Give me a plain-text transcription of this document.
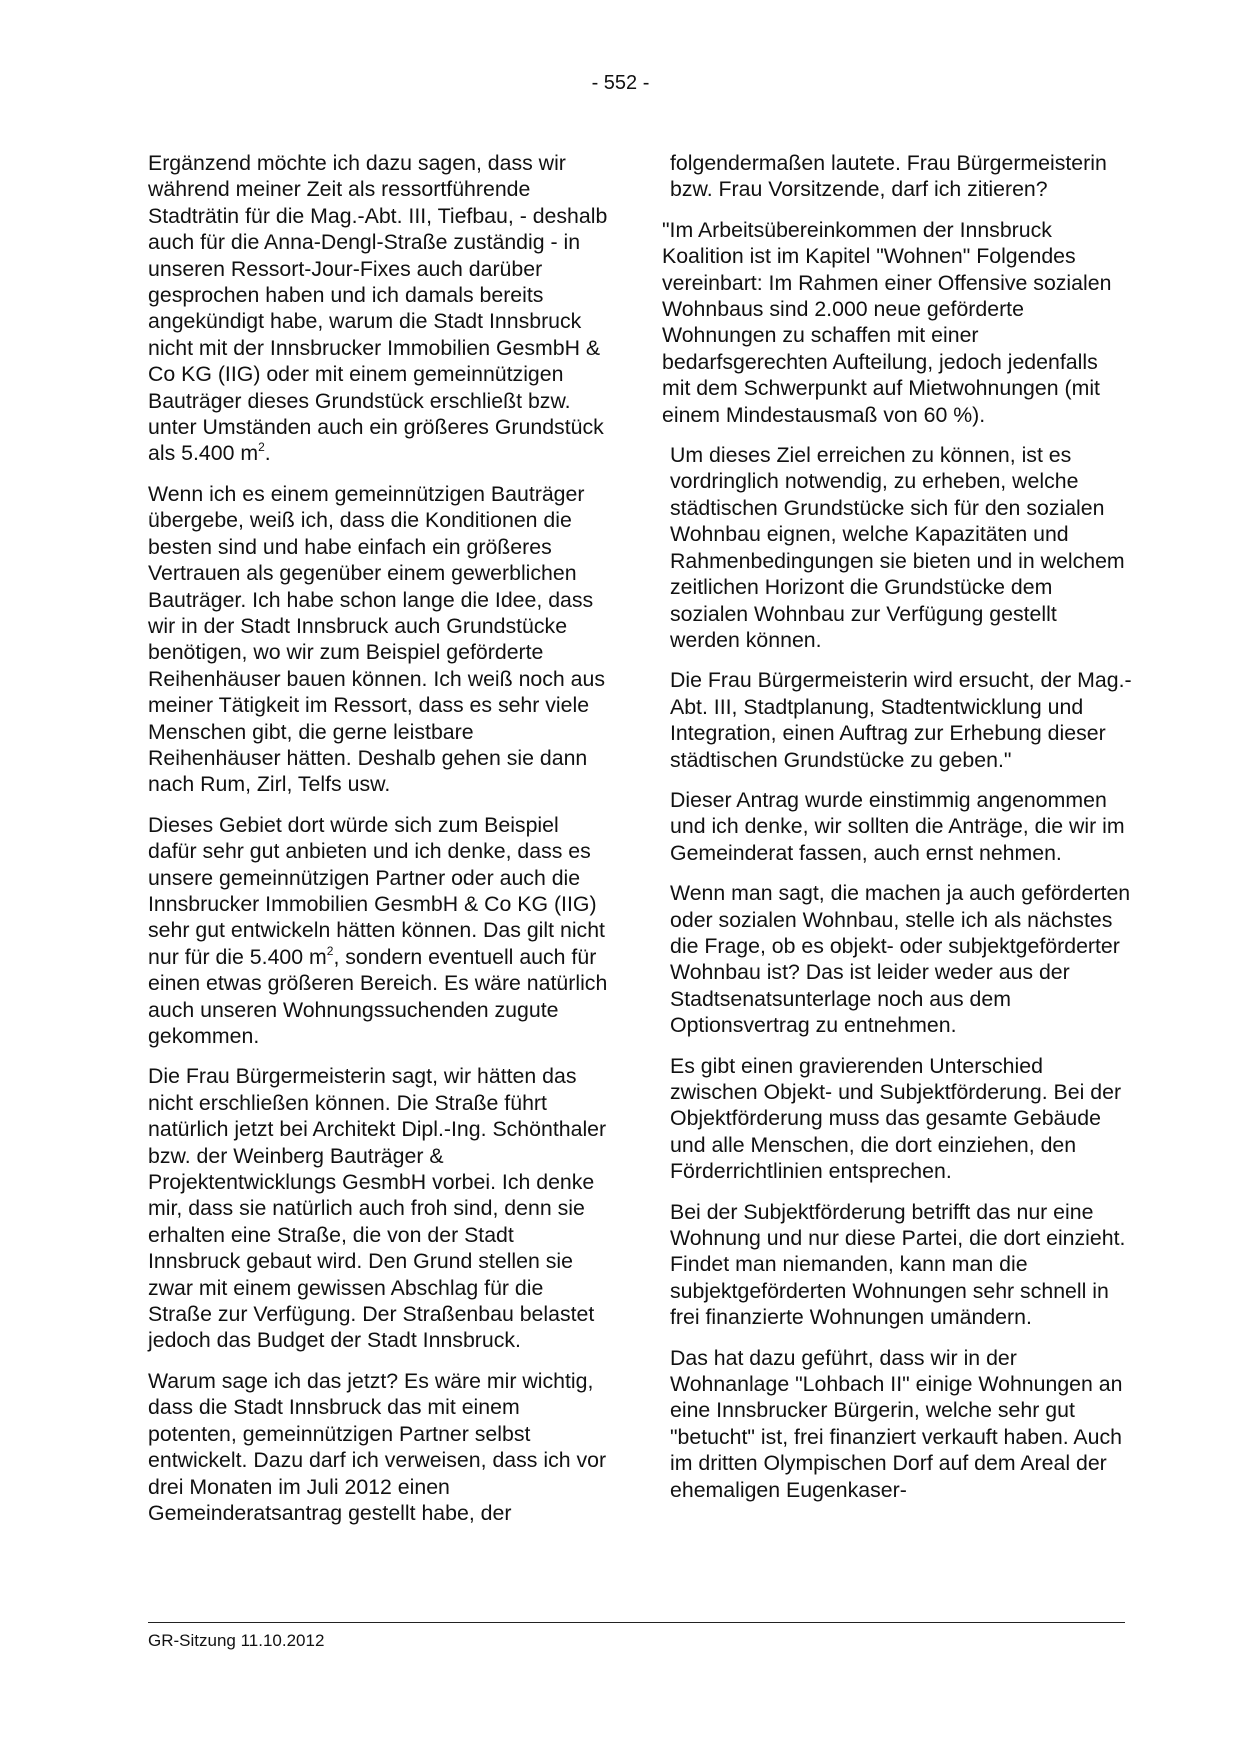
- 552 -

Ergänzend möchte ich dazu sagen, dass wir während meiner Zeit als ressortführende Stadträtin für die Mag.-Abt. III, Tiefbau, - deshalb auch für die Anna-Dengl-Straße zuständig - in unseren Ressort-Jour-Fixes auch darüber gesprochen haben und ich damals bereits angekündigt habe, warum die Stadt Innsbruck nicht mit der Innsbrucker Immobilien GesmbH & Co KG (IIG) oder mit einem gemeinnützigen Bauträger dieses Grundstück erschließt bzw. unter Umständen auch ein größeres Grundstück als 5.400 $m^2$.

Wenn ich es einem gemeinnützigen Bauträger übergebe, weiß ich, dass die Konditionen die besten sind und habe einfach ein größeres Vertrauen als gegenüber einem gewerblichen Bauträger. Ich habe schon lange die Idee, dass wir in der Stadt Innsbruck auch Grundstücke benötigen, wo wir zum Beispiel geförderte Reihenhäuser bauen können. Ich weiß noch aus meiner Tätigkeit im Ressort, dass es sehr viele Menschen gibt, die gerne leistbare Reihenhäuser hätten. Deshalb gehen sie dann nach Rum, Zirl, Telfs usw.

Dieses Gebiet dort würde sich zum Beispiel dafür sehr gut anbieten und ich denke, dass es unsere gemeinnützigen Partner oder auch die Innsbrucker Immobilien GesmbH & Co KG (IIG) sehr gut entwickeln hätten können. Das gilt nicht nur für die 5.400 $m^2$, sondern eventuell auch für einen etwas größeren Bereich. Es wäre natürlich auch unseren Wohnungssuchenden zugute gekommen.

Die Frau Bürgermeisterin sagt, wir hätten das nicht erschließen können. Die Straße führt natürlich jetzt bei Architekt Dipl.-Ing. Schönthaler bzw. der Weinberg Bauträger & Projektentwicklungs GesmbH vorbei. Ich denke mir, dass sie natürlich auch froh sind, denn sie erhalten eine Straße, die von der Stadt Innsbruck gebaut wird. Den Grund stellen sie zwar mit einem gewissen Abschlag für die Straße zur Verfügung. Der Straßenbau belastet jedoch das Budget der Stadt Innsbruck.

Warum sage ich das jetzt? Es wäre mir wichtig, dass die Stadt Innsbruck das mit einem potenten, gemeinnützigen Partner selbst entwickelt. Dazu darf ich verweisen, dass ich vor drei Monaten im Juli 2012 einen Gemeinderatsantrag gestellt habe, der

folgendermaßen lautete. Frau Bürgermeisterin bzw. Frau Vorsitzende, darf ich zitieren?

"Im Arbeitsübereinkommen der Innsbruck Koalition ist im Kapitel "Wohnen" Folgendes vereinbart: Im Rahmen einer Offensive sozialen Wohnbaus sind 2.000 neue geförderte Wohnungen zu schaffen mit einer bedarfsgerechten Aufteilung, jedoch jedenfalls mit dem Schwerpunkt auf Mietwohnungen (mit einem Mindestausmaß von 60 %).

Um dieses Ziel erreichen zu können, ist es vordringlich notwendig, zu erheben, welche städtischen Grundstücke sich für den sozialen Wohnbau eignen, welche Kapazitäten und Rahmenbedingungen sie bieten und in welchem zeitlichen Horizont die Grundstücke dem sozialen Wohnbau zur Verfügung gestellt werden können.

Die Frau Bürgermeisterin wird ersucht, der Mag.-Abt. III, Stadtplanung, Stadtentwicklung und Integration, einen Auftrag zur Erhebung dieser städtischen Grundstücke zu geben."

Dieser Antrag wurde einstimmig angenommen und ich denke, wir sollten die Anträge, die wir im Gemeinderat fassen, auch ernst nehmen.

Wenn man sagt, die machen ja auch geförderten oder sozialen Wohnbau, stelle ich als nächstes die Frage, ob es objekt- oder subjektgeförderter Wohnbau ist? Das ist leider weder aus der Stadtsenatsunterlage noch aus dem Optionsvertrag zu entnehmen.

Es gibt einen gravierenden Unterschied zwischen Objekt- und Subjektförderung. Bei der Objektförderung muss das gesamte Gebäude und alle Menschen, die dort einziehen, den Förderrichtlinien entsprechen.

Bei der Subjektförderung betrifft das nur eine Wohnung und nur diese Partei, die dort einzieht. Findet man niemanden, kann man die subjektgeförderten Wohnungen sehr schnell in frei finanzierte Wohnungen umändern.

Das hat dazu geführt, dass wir in der Wohnanlage "Lohbach II" einige Wohnungen an eine Innsbrucker Bürgerin, welche sehr gut "betucht" ist, frei finanziert verkauft haben. Auch im dritten Olympischen Dorf auf dem Areal der ehemaligen Eugenkaser-

GR-Sitzung 11.10.2012
